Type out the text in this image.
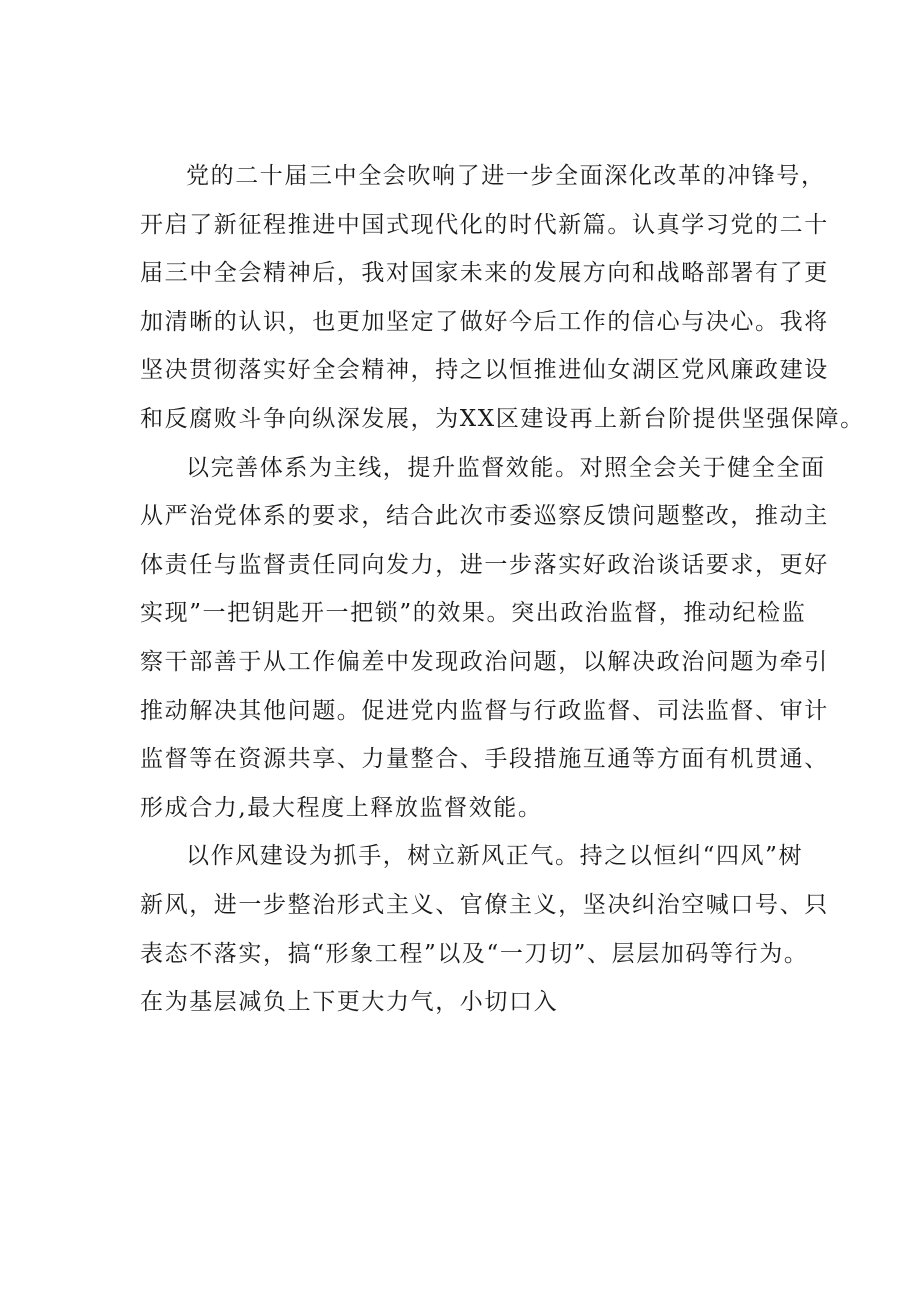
党的二十届三中全会吹响了进一步全面深化改革的冲锋号，
开启了新征程推进中国式现代化的时代新篇。认真学习党的二十
届三中全会精神后，我对国家未来的发展方向和战略部署有了更
加清晰的认识，也更加坚定了做好今后工作的信心与决心。我将
坚决贯彻落实好全会精神，持之以恒推进仙女湖区党风廉政建设
和反腐败斗争向纵深发展，为XX区建设再上新台阶提供坚强保障。

以完善体系为主线，提升监督效能。对照全会关于健全全面
从严治党体系的要求，结合此次市委巡察反馈问题整改，推动主
体责任与监督责任同向发力，进一步落实好政治谈话要求，更好
实现”一把钥匙开一把锁”的效果。突出政治监督，推动纪检监
察干部善于从工作偏差中发现政治问题，以解决政治问题为牵引
推动解决其他问题。促进党内监督与行政监督、司法监督、审计
监督等在资源共享、力量整合、手段措施互通等方面有机贯通、
形成合力,最大程度上释放监督效能。

以作风建设为抓手，树立新风正气。持之以恒纠“四风”树
新风，进一步整治形式主义、官僚主义，坚决纠治空喊口号、只
表态不落实，搞“形象工程”以及“一刀切”、层层加码等行为。
在为基层减负上下更大力气，小切口入
